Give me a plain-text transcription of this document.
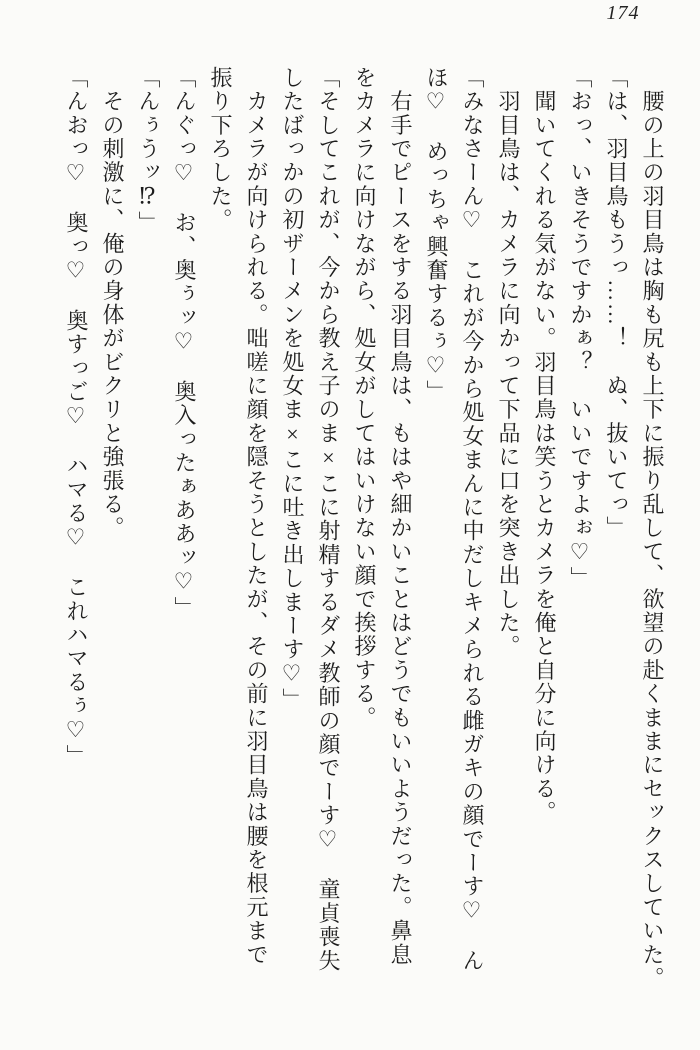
174

　腰の上の羽目鳥は胸も尻も上下に振り乱して、欲望の赴くままにセックスしていた。

「は、羽目鳥もうっ……！　ぬ、抜いてっ」

「おっ、いきそうですかぁ？　いいですよぉ♡」

　聞いてくれる気がない。羽目鳥は笑うとカメラを俺と自分に向ける。

　羽目鳥は、カメラに向かって下品に口を突き出した。

「みなさーん♡　これが今から処女まんに中だしキメられる雌ガキの顔でーす♡　ん

ほ♡　めっちゃ興奮するぅ♡」

　右手でピースをする羽目鳥は、もはや細かいことはどうでもいいようだった。鼻息

をカメラに向けながら、処女がしてはいけない顔で挨拶する。

「そしてこれが、今から教え子のま×こに射精するダメ教師の顔でーす♡　童貞喪失

したばっかの初ザーメンを処女ま×こに吐き出しまーす♡」

　カメラが向けられる。咄嗟に顔を隠そうとしたが、その前に羽目鳥は腰を根元まで

振り下ろした。

「んぐっ♡　お、奥ぅッ♡　奥入ったぁああッ♡」

「んぅうッ⁉」

　その刺激に、俺の身体がビクリと強張る。

「んおっ♡　奥っ♡　奥すっご♡　ハマる♡　これハマるぅ♡」
